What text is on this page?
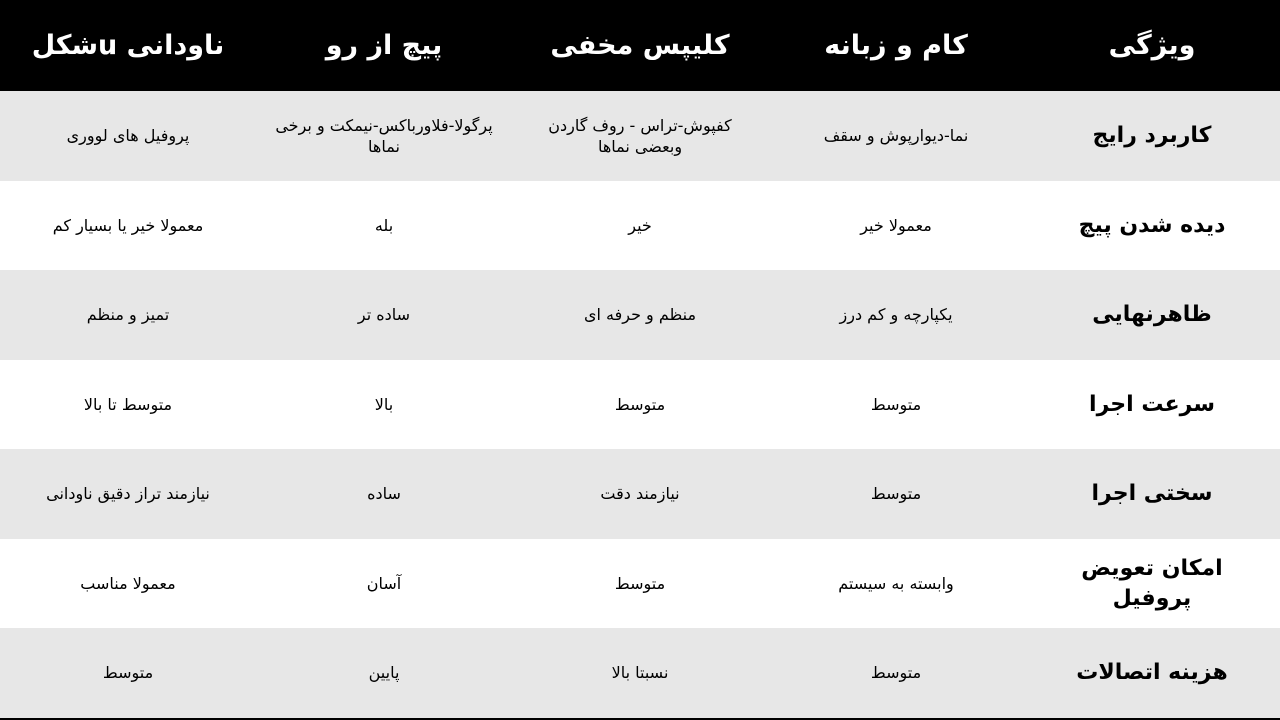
ویژگی
کام و زبانه
کلیپس مخفی
پیچ از رو
ناودانی uشکل
کاربرد رایج
نما-دیوارپوش و سقف
کفپوش-تراس - روف گاردن وبعضی نماها
پرگولا-فلاورباکس-نیمکت و برخی نماها
پروفیل های لووری
دیده شدن پیچ
معمولا خیر
خیر
بله
معمولا خیر یا بسیار کم
ظاهرنهایی
یکپارچه و کم درز
منظم و حرفه ای
ساده تر
تمیز و منظم
سرعت اجرا
متوسط
متوسط
بالا
متوسط تا بالا
سختی اجرا
متوسط
نیازمند دقت
ساده
نیازمند تراز دقیق ناودانی
امکان تعویض پروفیل
وابسته به سیستم
متوسط
آسان
معمولا مناسب
هزینه اتصالات
متوسط
نسبتا بالا
پایین
متوسط
